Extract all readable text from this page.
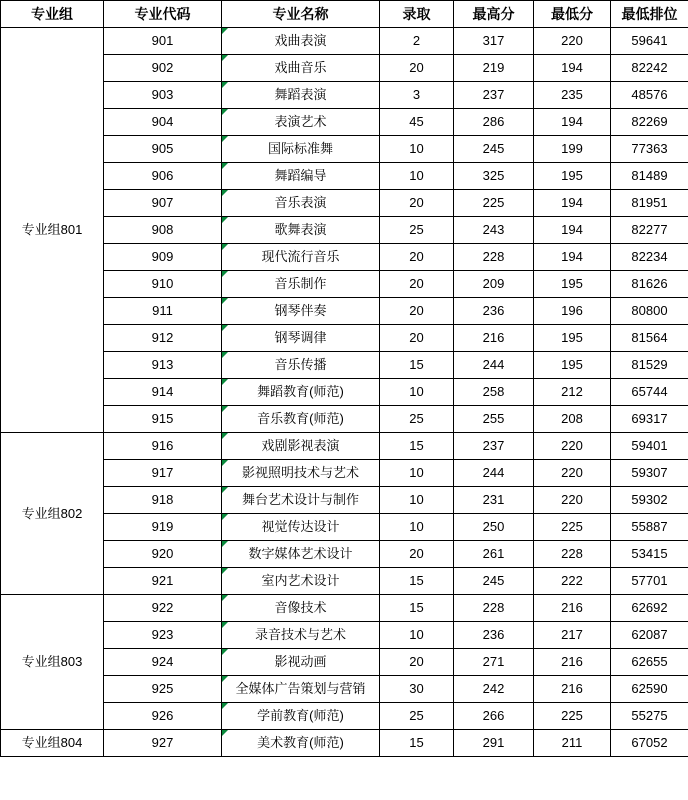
专业组	专业代码	专业名称	录取	最高分	最低分	最低排位
专业组801	901	戏曲表演	2	317	220	59641
	902	戏曲音乐	20	219	194	82242
	903	舞蹈表演	3	237	235	48576
	904	表演艺术	45	286	194	82269
	905	国际标准舞	10	245	199	77363
	906	舞蹈编导	10	325	195	81489
	907	音乐表演	20	225	194	81951
	908	歌舞表演	25	243	194	82277
	909	现代流行音乐	20	228	194	82234
	910	音乐制作	20	209	195	81626
	911	钢琴伴奏	20	236	196	80800
	912	钢琴调律	20	216	195	81564
	913	音乐传播	15	244	195	81529
	914	舞蹈教育(师范)	10	258	212	65744
	915	音乐教育(师范)	25	255	208	69317
专业组802	916	戏剧影视表演	15	237	220	59401
	917	影视照明技术与艺术	10	244	220	59307
	918	舞台艺术设计与制作	10	231	220	59302
	919	视觉传达设计	10	250	225	55887
	920	数字媒体艺术设计	20	261	228	53415
	921	室内艺术设计	15	245	222	57701
专业组803	922	音像技术	15	228	216	62692
	923	录音技术与艺术	10	236	217	62087
	924	影视动画	20	271	216	62655
	925	全媒体广告策划与营销	30	242	216	62590
	926	学前教育(师范)	25	266	225	55275
专业组804	927	美术教育(师范)	15	291	211	67052
